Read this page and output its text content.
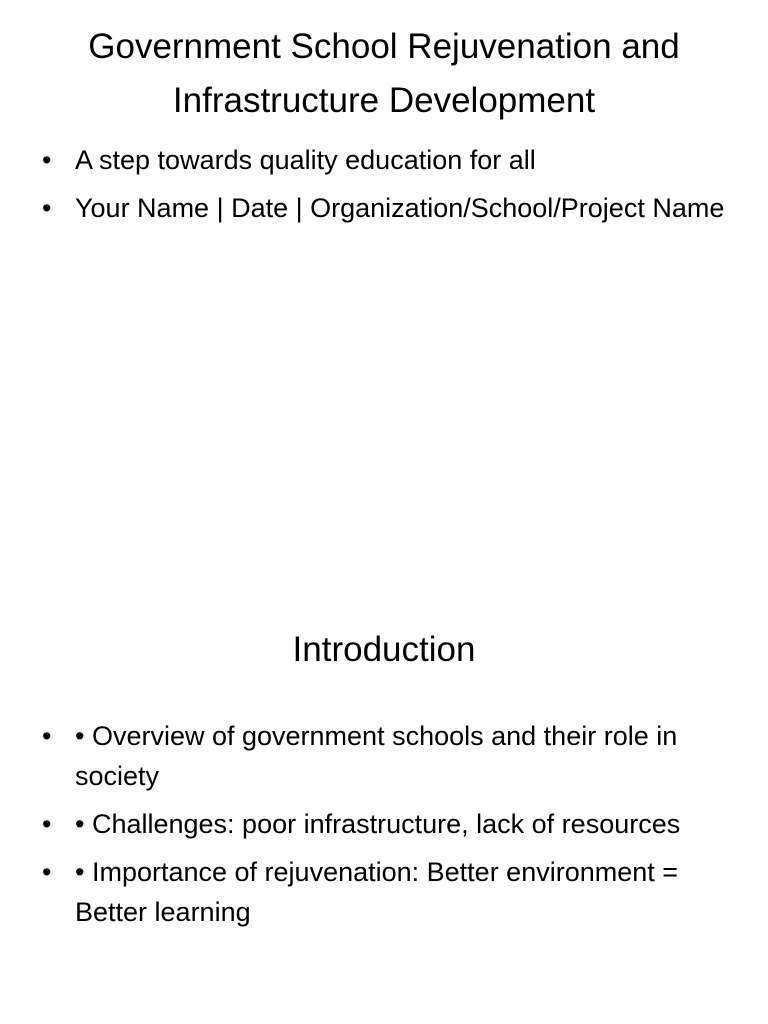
Government School Rejuvenation and Infrastructure Development
• A step towards quality education for all
• Your Name | Date | Organization/School/Project Name
Introduction
• • Overview of government schools and their role in society
• • Challenges: poor infrastructure, lack of resources
• • Importance of rejuvenation: Better environment = Better learning
